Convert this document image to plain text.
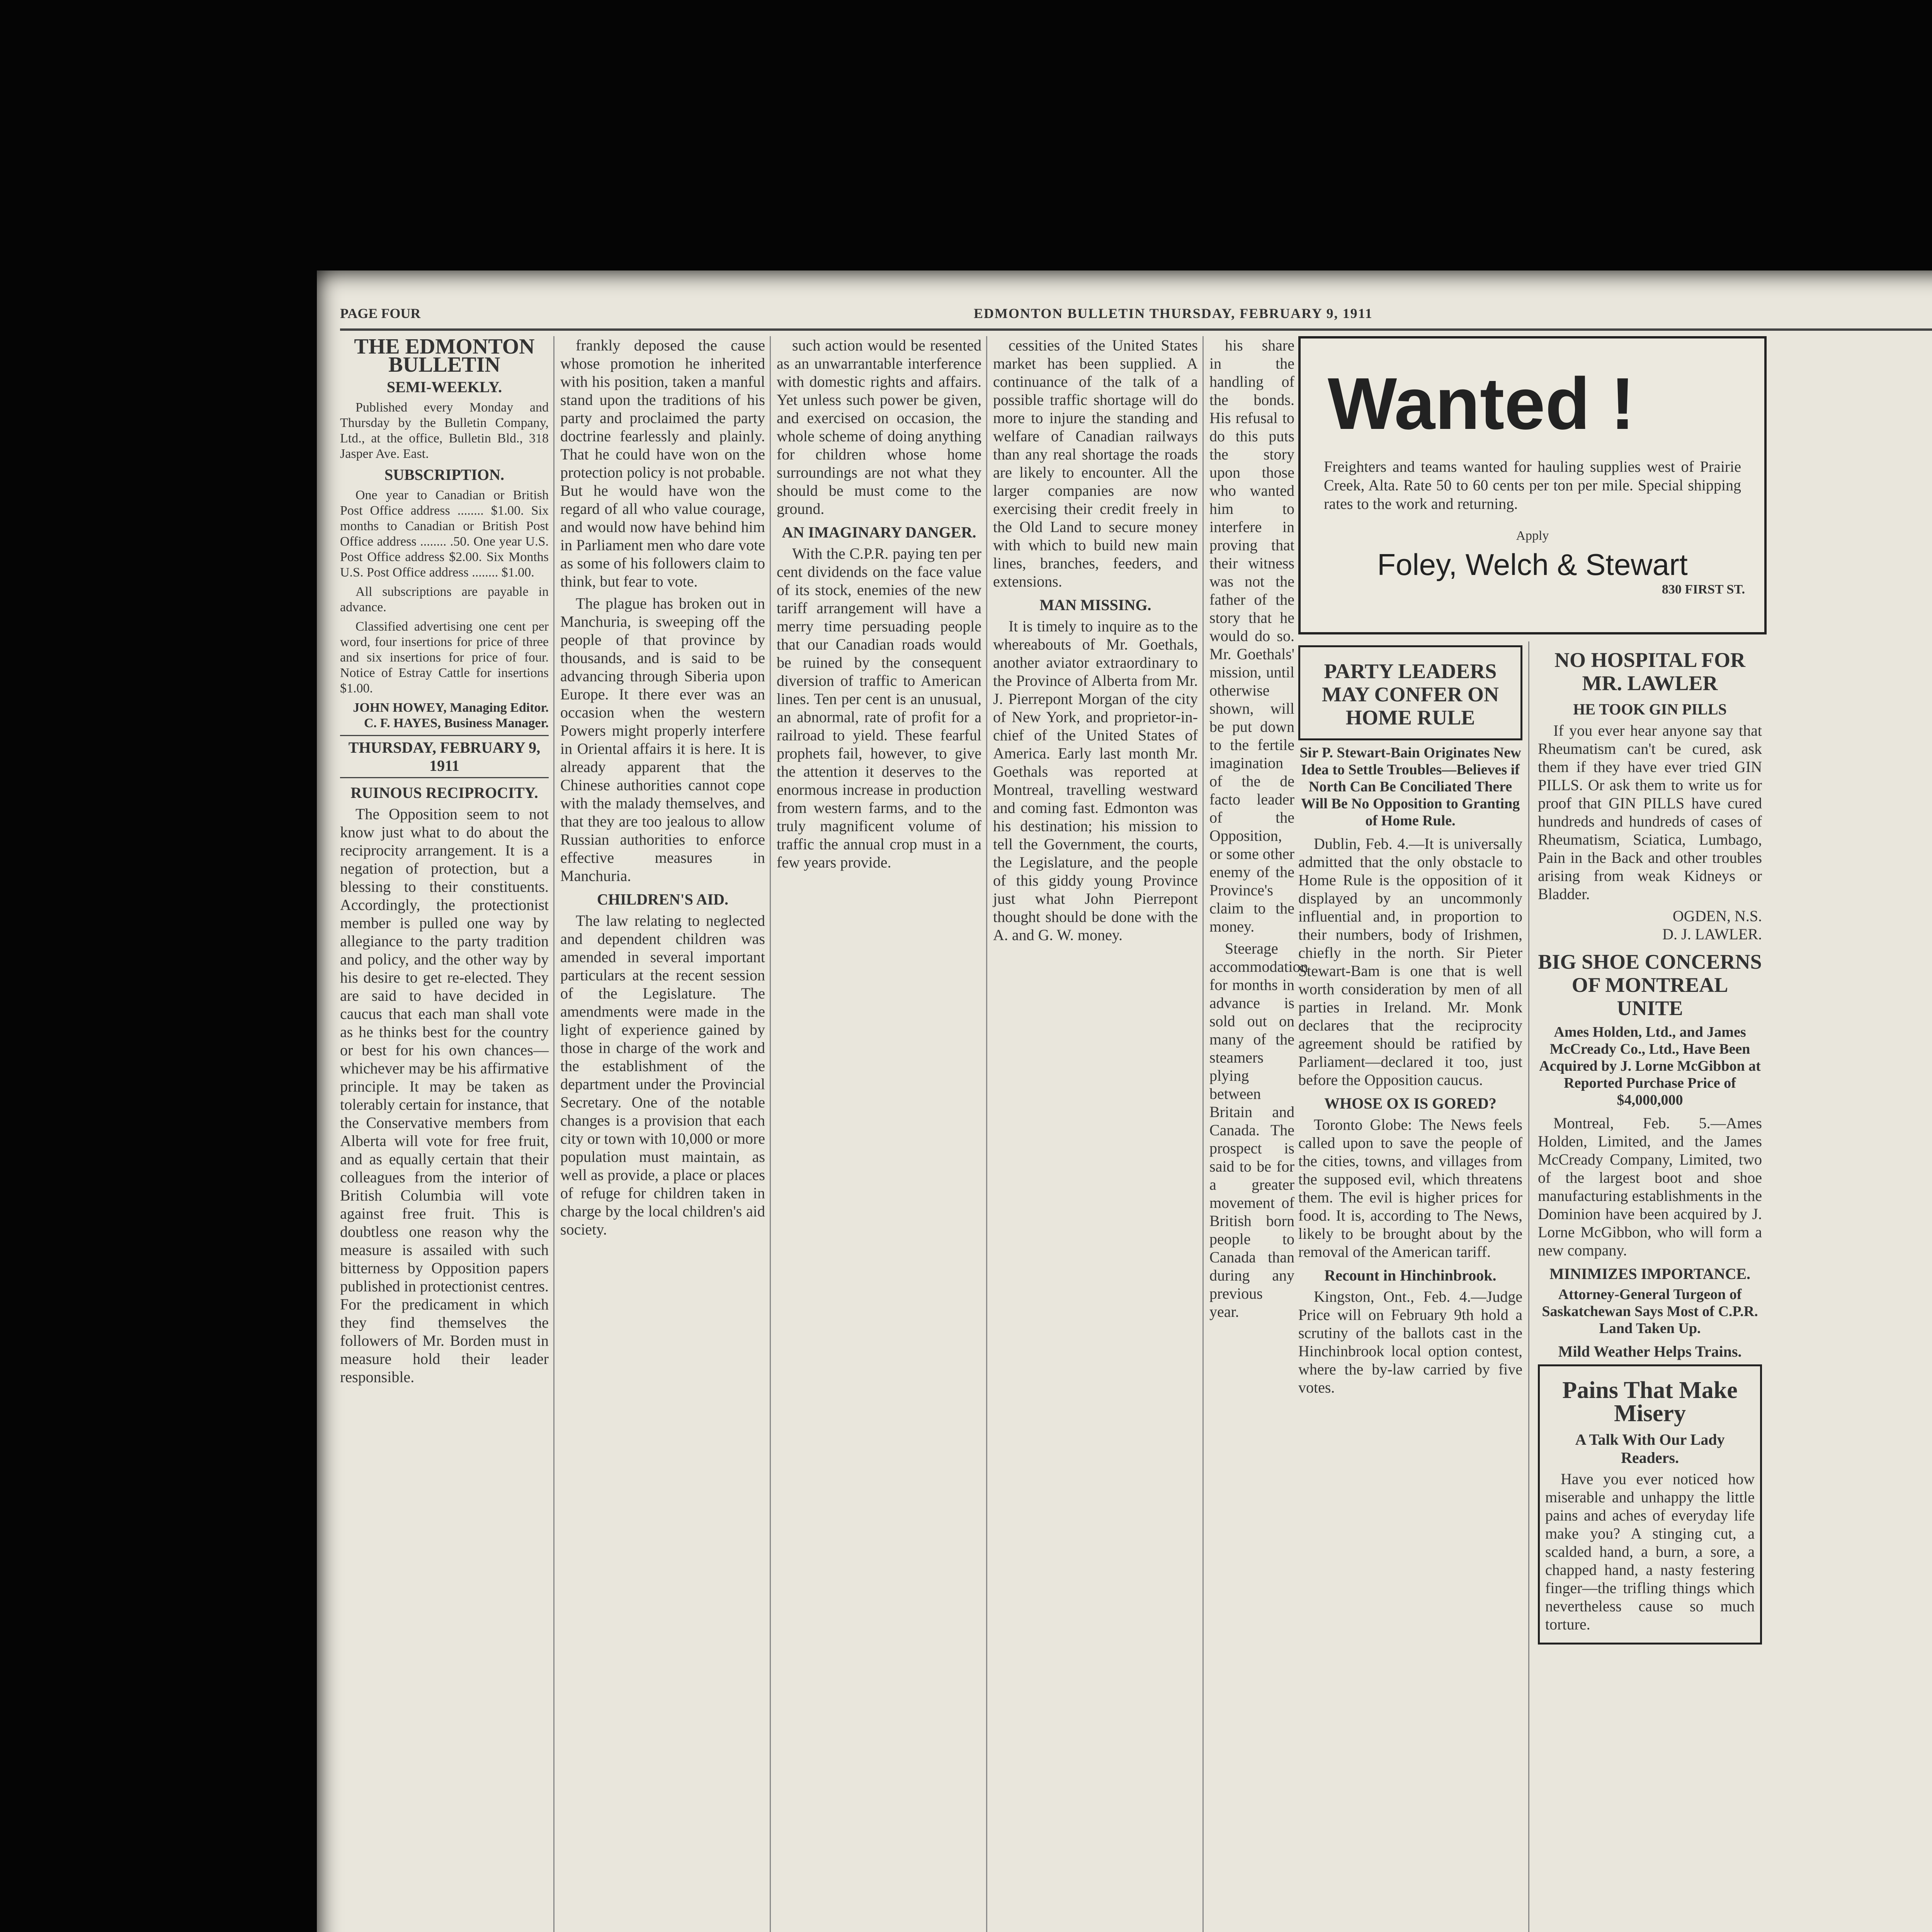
PAGE FOUR	EDMONTON BULLETIN THURSDAY, FEBRUARY 9, 1911
THE EDMONTON BULLETIN
SEMI-WEEKLY.

Published every Monday and Thursday by the Bulletin Company, Ltd., at the office, Bulletin Bld., 318 Jasper Ave. East.

SUBSCRIPTION.

One year to Canadian or British Post Office address ........ $1.00. Six months to Canadian or British Post Office address ........ .50. One year U.S. Post Office address $2.00. Six Months U.S. Post Office address ........ $1.00.

All subscriptions are payable in advance.

Classified advertising one cent per word, four insertions for price of three and six insertions for price of four. Notice of Estray Cattle for insertions $1.00.

JOHN HOWEY, Managing Editor.
C. F. HAYES, Business Manager.
THURSDAY, FEBRUARY 9, 1911
RUINOUS RECIPROCITY.

The Opposition seem to not know just what to do about the reciprocity arrangement. It is a negation of protection, but a blessing to their constituents. Accordingly, the protectionist member is pulled one way by allegiance to the party tradition and policy, and the other way by his desire to get re-elected. They are said to have decided in caucus that each man shall vote as he thinks best for the country or best for his own chances—whichever may be his affirmative principle. It may be taken as tolerably certain for instance, that the Conservative members from Alberta will vote for free fruit, and as equally certain that their colleagues from the interior of British Columbia will vote against free fruit. This is doubtless one reason why the measure is assailed with such bitterness by Opposition papers published in protectionist centres. For the predicament in which they find themselves the followers of Mr. Borden must in measure hold their leader responsible.

frankly deposed the cause whose promotion he inherited with his position, taken a manful stand upon the traditions of his party and proclaimed the party doctrine fearlessly and plainly. That he could have won on the protection policy is not probable. But he would have won the regard of all who value courage, and would now have behind him in Parliament men who dare vote as some of his followers claim to think, but fear to vote.

The plague has broken out in Manchuria, is sweeping off the people of that province by thousands, and is said to be advancing through Siberia upon Europe. It there ever was an occasion when the western Powers might properly interfere in Oriental affairs it is here. It is already apparent that the Chinese authorities cannot cope with the malady themselves, and that they are too jealous to allow Russian authorities to enforce effective measures in Manchuria.

CHILDREN'S AID.

The law relating to neglected and dependent children was amended in several important particulars at the recent session of the Legislature. The amendments were made in the light of experience gained by those in charge of the work and the establishment of the department under the Provincial Secretary. One of the notable changes is a provision that each city or town with 10,000 or more population must maintain, as well as provide, a place or places of refuge for children taken in charge by the local children's aid society.

such action would be resented as an unwarrantable interference with domestic rights and affairs. Yet unless such power be given, and exercised on occasion, the whole scheme of doing anything for children whose home surroundings are not what they should be must come to the ground.

AN IMAGINARY DANGER.

With the C.P.R. paying ten per cent dividends on the face value of its stock, enemies of the new tariff arrangement will have a merry time persuading people that our Canadian roads would be ruined by the consequent diversion of traffic to American lines. Ten per cent is an unusual, an abnormal, rate of profit for a railroad to yield. These fearful prophets fail, however, to give the attention it deserves to the enormous increase in production from western farms, and to the truly magnificent volume of traffic the annual crop must in a few years provide.

cessities of the United States market has been supplied. A continuance of the talk of a possible traffic shortage will do more to injure the standing and welfare of Canadian railways than any real shortage the roads are likely to encounter. All the larger companies are now exercising their credit freely in the Old Land to secure money with which to build new main lines, branches, feeders, and extensions.

MAN MISSING.

It is timely to inquire as to the whereabouts of Mr. Goethals, another aviator extraordinary to the Province of Alberta from Mr. J. Pierrepont Morgan of the city of New York, and proprietor-in-chief of the United States of America. Early last month Mr. Goethals was reported at Montreal, travelling westward and coming fast. Edmonton was his destination; his mission to tell the Government, the courts, the Legislature, and the people of this giddy young Province just what John Pierrepont thought should be done with the A. and G. W. money.

Wanted !
Freighters and teams wanted for hauling supplies west of Prairie Creek, Alta. Rate 50 to 60 cents per ton per mile. Special shipping rates to the work and returning.
Apply
Foley, Welch & Stewart
830 FIRST ST.
PARTY LEADERS MAY CONFER ON HOME RULE
Sir P. Stewart-Bain Originates New Idea to Settle Troubles—Believes if North Can Be Conciliated There Will Be No Opposition to Granting of Home Rule.

Dublin, Feb. 4.—It is universally admitted that the only obstacle to Home Rule is the opposition of it displayed by an uncommonly influential and, in proportion to their numbers, body of Irishmen, chiefly in the north. Sir Pieter Stewart-Bam is one that is well worth consideration by men of all parties in Ireland. Mr. Monk declares that the reciprocity agreement should be ratified by Parliament—declared it too, just before the Opposition caucus.

WHOSE OX IS GORED?

Toronto Globe: The News feels called upon to save the people of the cities, towns, and villages from the supposed evil, which threatens them. The evil is higher prices for food. It is, according to The News, likely to be brought about by the removal of the American tariff.

Recount in Hinchinbrook.

Kingston, Ont., Feb. 4.—Judge Price will on February 9th hold a scrutiny of the ballots cast in the Hinchinbrook local option contest, where the by-law carried by five votes.

NO HOSPITAL FOR MR. LAWLER
HE TOOK GIN PILLS

If you ever hear anyone say that Rheumatism can't be cured, ask them if they have ever tried GIN PILLS. Or ask them to write us for proof that GIN PILLS have cured hundreds and hundreds of cases of Rheumatism, Sciatica, Lumbago, Pain in the Back and other troubles arising from weak Kidneys or Bladder.

OGDEN, N.S.
D. J. LAWLER.
BIG SHOE CONCERNS OF MONTREAL UNITE
Ames Holden, Ltd., and James McCready Co., Ltd., Have Been Acquired by J. Lorne McGibbon at Reported Purchase Price of $4,000,000

Montreal, Feb. 5.—Ames Holden, Limited, and the James McCready Company, Limited, two of the largest boot and shoe manufacturing establishments in the Dominion have been acquired by J. Lorne McGibbon, who will form a new company.

MINIMIZES IMPORTANCE.
Attorney-General Turgeon of Saskatchewan Says Most of C.P.R. Land Taken Up.
Mild Weather Helps Trains.
Pains That Make Misery
A Talk With Our Lady Readers.

Have you ever noticed how miserable and unhappy the little pains and aches of everyday life make you? A stinging cut, a scalded hand, a burn, a sore, a chapped hand, a nasty festering finger—the trifling things which nevertheless cause so much torture.

his share in the handling of the bonds. His refusal to do this puts the story upon those who wanted him to interfere in proving that their witness was not the father of the story that he would do so. Mr. Goethals' mission, until otherwise shown, will be put down to the fertile imagination of the de facto leader of the Opposition, or some other enemy of the Province's claim to the money.

Steerage accommodation for months in advance is sold out on many of the steamers plying between Britain and Canada. The prospect is said to be for a greater movement of British born people to Canada than during any previous year.
